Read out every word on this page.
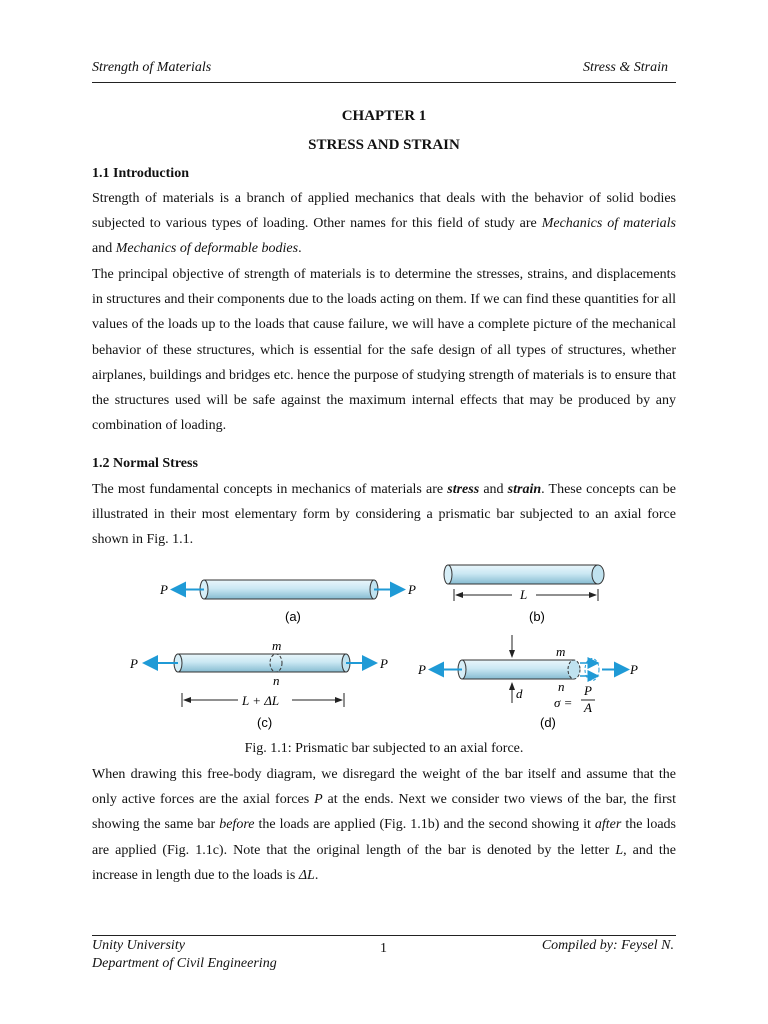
Strength of Materials	Stress & Strain
CHAPTER 1
STRESS AND STRAIN
1.1 Introduction

Strength of materials is a branch of applied mechanics that deals with the behavior of solid bodies subjected to various types of loading. Other names for this field of study are Mechanics of materials and Mechanics of deformable bodies.

The principal objective of strength of materials is to determine the stresses, strains, and displacements in structures and their components due to the loads acting on them. If we can find these quantities for all values of the loads up to the loads that cause failure, we will have a complete picture of the mechanical behavior of these structures, which is essential for the safe design of all types of structures, whether airplanes, buildings and bridges etc. hence the purpose of studying strength of materials is to ensure that the structures used will be safe against the maximum internal effects that may be produced by any combination of loading.

1.2 Normal Stress

The most fundamental concepts in mechanics of materials are stress and strain. These concepts can be illustrated in their most elementary form by considering a prismatic bar subjected to an axial force shown in Fig. 1.1.

P	P
(a)
L
(b)
P	P
m
n
L + ΔL
(c)
P	P
m
n
d
σ =
P
A
(d)
Fig. 1.1: Prismatic bar subjected to an axial force.

When drawing this free-body diagram, we disregard the weight of the bar itself and assume that the only active forces are the axial forces P at the ends. Next we consider two views of the bar, the first showing the same bar before the loads are applied (Fig. 1.1b) and the second showing it after the loads are applied (Fig. 1.1c). Note that the original length of the bar is denoted by the letter L, and the increase in length due to the loads is ΔL.

Unity University
Department of Civil Engineering
1	Compiled by: Feysel N.
